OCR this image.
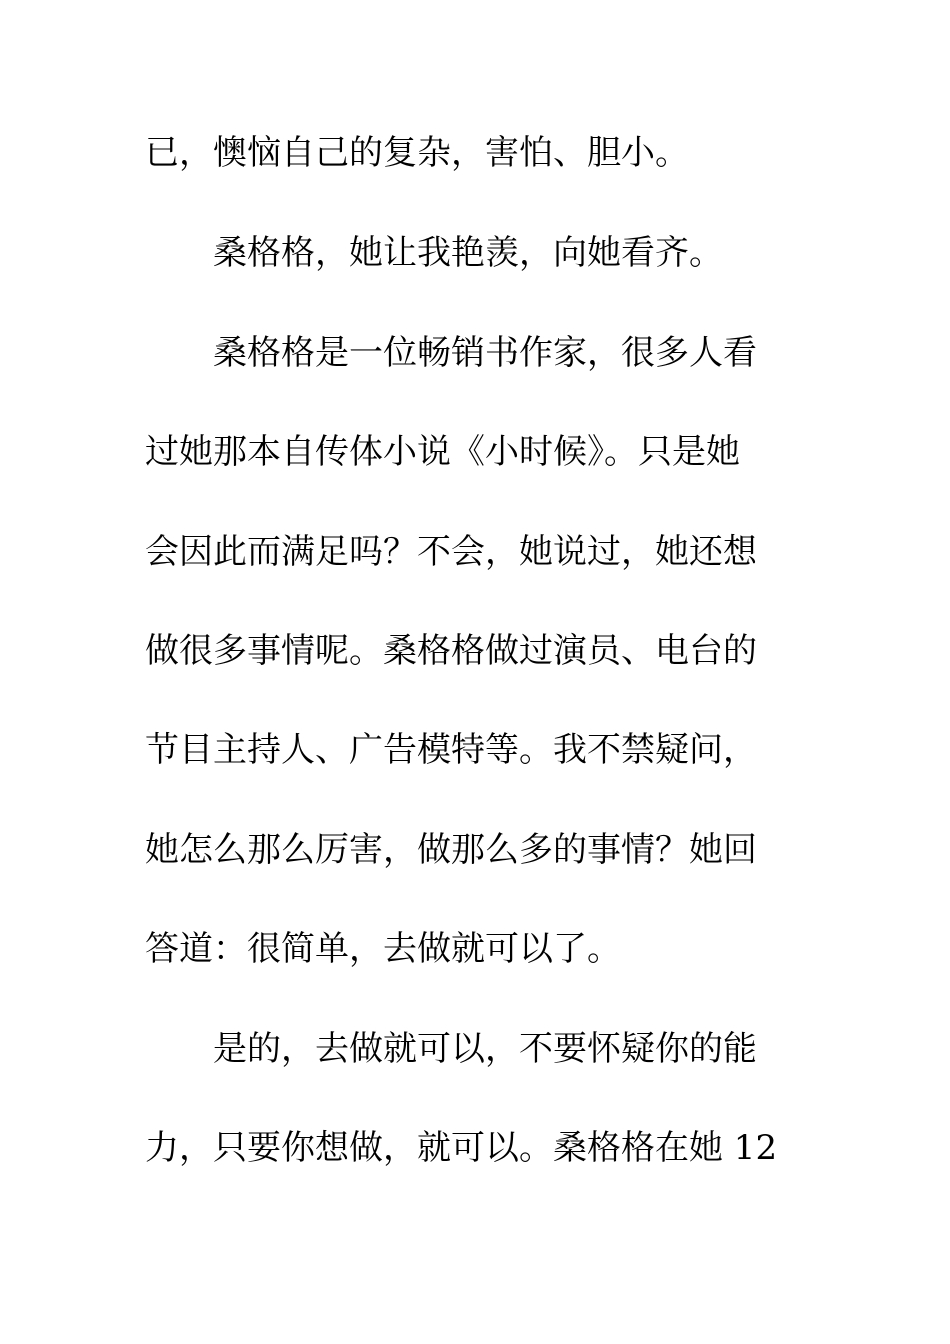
已，懊恼自己的复杂，害怕、胆小。
　　桑格格，她让我艳羡，向她看齐。
　　桑格格是一位畅销书作家，很多人看
过她那本自传体小说《小时候》。只是她
会因此而满足吗？不会，她说过，她还想
做很多事情呢。桑格格做过演员、电台的
节目主持人、广告模特等。我不禁疑问，
她怎么那么厉害，做那么多的事情？她回
答道：很简单，去做就可以了。
　　是的，去做就可以，不要怀疑你的能
力，只要你想做，就可以。桑格格在她 12
